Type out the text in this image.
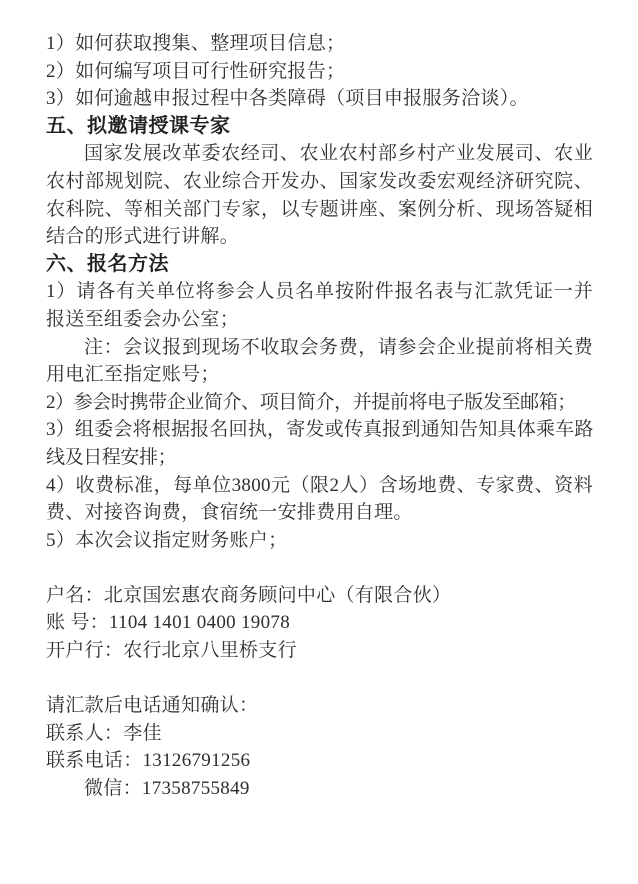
1）如何获取搜集、整理项目信息；

2）如何编写项目可行性研究报告；

3）如何逾越申报过程中各类障碍（项目申报服务洽谈）。

五、拟邀请授课专家

国家发展改革委农经司、农业农村部乡村产业发展司、农业农村部规划院、农业综合开发办、国家发改委宏观经济研究院、农科院、等相关部门专家，以专题讲座、案例分析、现场答疑相结合的形式进行讲解。

六、报名方法

1）请各有关单位将参会人员名单按附件报名表与汇款凭证一并报送至组委会办公室；

注：会议报到现场不收取会务费，请参会企业提前将相关费用电汇至指定账号；

2）参会时携带企业简介、项目简介，并提前将电子版发至邮箱；

3）组委会将根据报名回执，寄发或传真报到通知告知具体乘车路线及日程安排；

4）收费标准，每单位3800元（限2人）含场地费、专家费、资料费、对接咨询费，食宿统一安排费用自理。

5）本次会议指定财务账户；

户名：北京国宏惠农商务顾问中心（有限合伙）

账 号：1104 1401 0400 19078

开户行：农行北京八里桥支行

请汇款后电话通知确认：

联系人：李佳

联系电话：13126791256

微信：17358755849
